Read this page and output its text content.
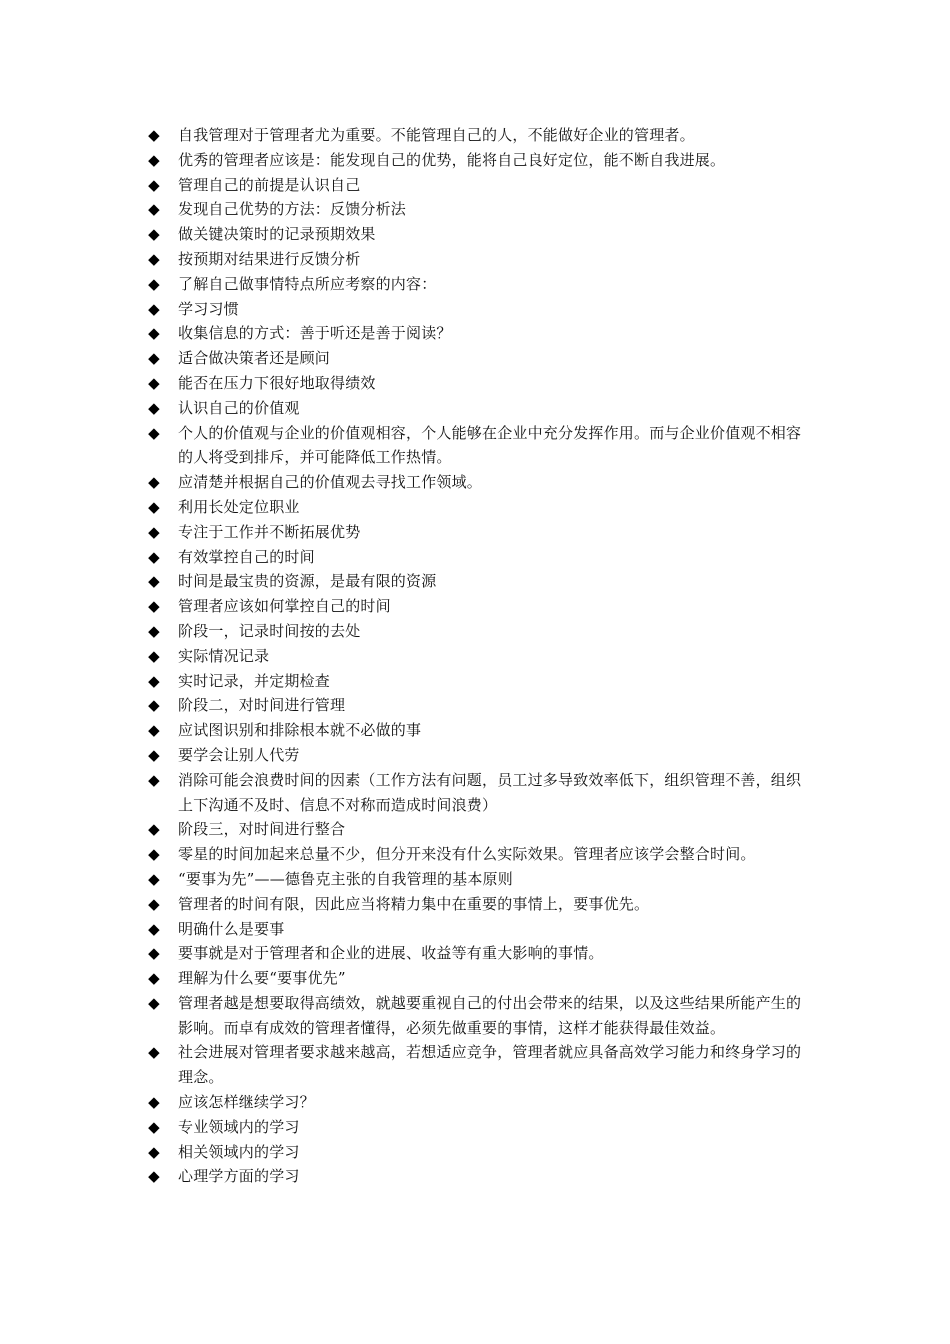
◆ 自我管理对于管理者尤为重要。不能管理自己的人，不能做好企业的管理者。
◆ 优秀的管理者应该是：能发现自己的优势，能将自己良好定位，能不断自我进展。
◆ 管理自己的前提是认识自己
◆ 发现自己优势的方法：反馈分析法
◆ 做关键决策时的记录预期效果
◆ 按预期对结果进行反馈分析
◆ 了解自己做事情特点所应考察的内容：
◆ 学习习惯
◆ 收集信息的方式：善于听还是善于阅读？
◆ 适合做决策者还是顾问
◆ 能否在压力下很好地取得绩效
◆ 认识自己的价值观
◆ 个人的价值观与企业的价值观相容，个人能够在企业中充分发挥作用。而与企业价值观不相容的人将受到排斥，并可能降低工作热情。
◆ 应清楚并根据自己的价值观去寻找工作领域。
◆ 利用长处定位职业
◆ 专注于工作并不断拓展优势
◆ 有效掌控自己的时间
◆ 时间是最宝贵的资源，是最有限的资源
◆ 管理者应该如何掌控自己的时间
◆ 阶段一，记录时间按的去处
◆ 实际情况记录
◆ 实时记录，并定期检查
◆ 阶段二，对时间进行管理
◆ 应试图识别和排除根本就不必做的事
◆ 要学会让别人代劳
◆ 消除可能会浪费时间的因素（工作方法有问题，员工过多导致效率低下，组织管理不善，组织上下沟通不及时、信息不对称而造成时间浪费）
◆ 阶段三，对时间进行整合
◆ 零星的时间加起来总量不少，但分开来没有什么实际效果。管理者应该学会整合时间。
◆ “要事为先”——德鲁克主张的自我管理的基本原则
◆ 管理者的时间有限，因此应当将精力集中在重要的事情上，要事优先。
◆ 明确什么是要事
◆ 要事就是对于管理者和企业的进展、收益等有重大影响的事情。
◆ 理解为什么要“要事优先”
◆ 管理者越是想要取得高绩效，就越要重视自己的付出会带来的结果，以及这些结果所能产生的影响。而卓有成效的管理者懂得，必须先做重要的事情，这样才能获得最佳效益。
◆ 社会进展对管理者要求越来越高，若想适应竞争，管理者就应具备高效学习能力和终身学习的理念。
◆ 应该怎样继续学习？
◆ 专业领域内的学习
◆ 相关领域内的学习
◆ 心理学方面的学习
